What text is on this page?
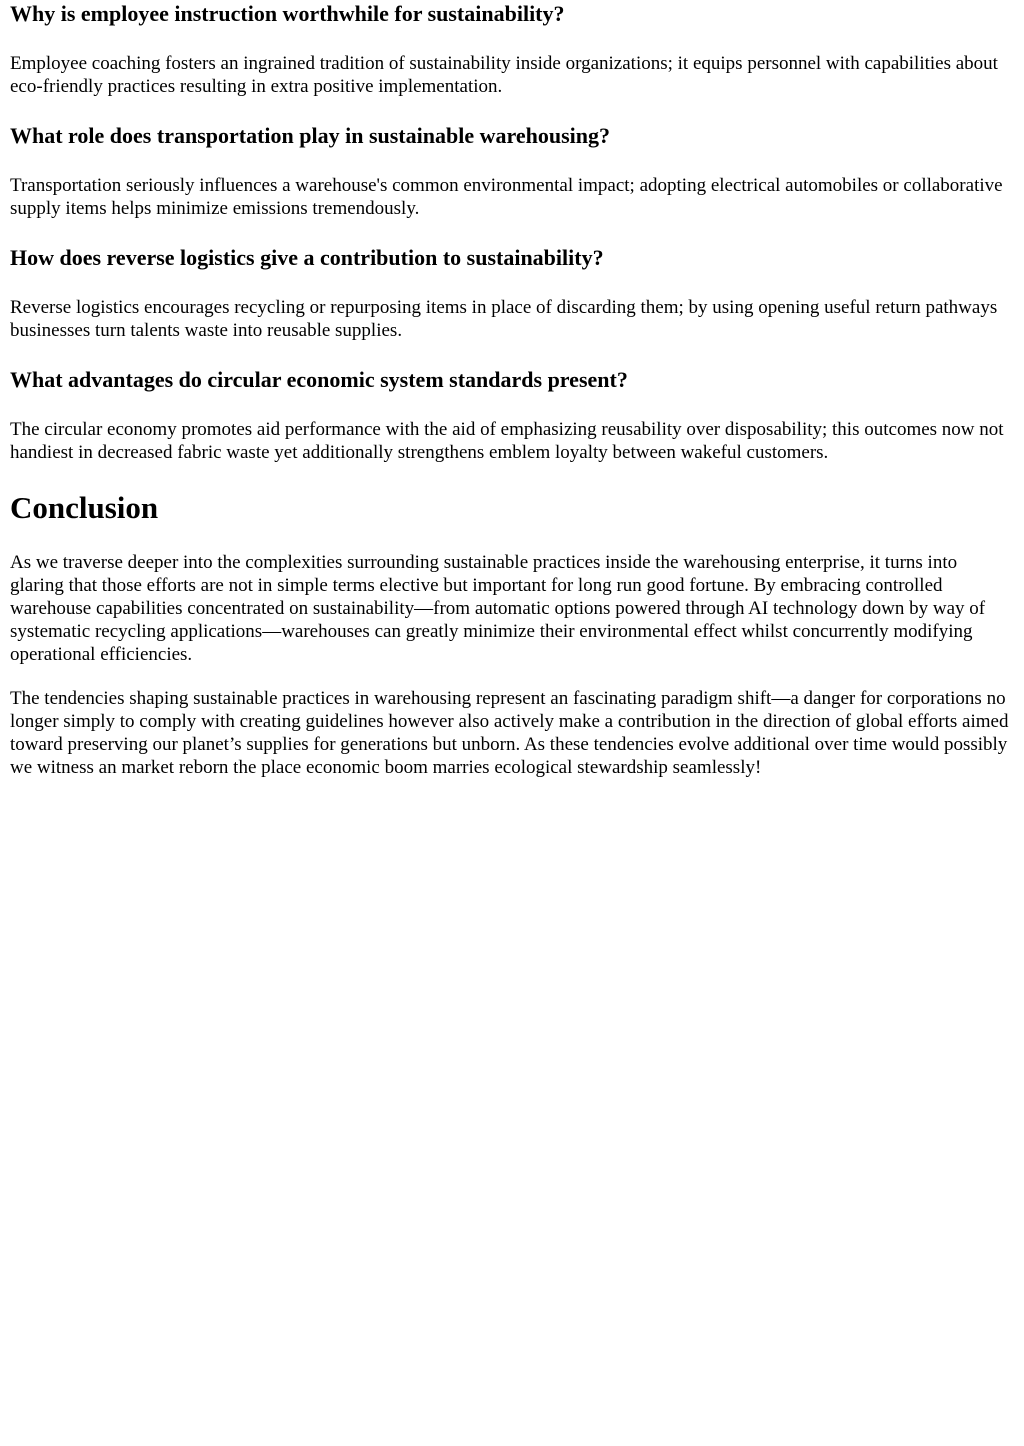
Why is employee instruction worthwhile for sustainability?

Employee coaching fosters an ingrained tradition of sustainability inside organizations; it equips personnel with capabilities about eco-friendly practices resulting in extra positive implementation.

What role does transportation play in sustainable warehousing?

Transportation seriously influences a warehouse's common environmental impact; adopting electrical automobiles or collaborative supply items helps minimize emissions tremendously.

How does reverse logistics give a contribution to sustainability?

Reverse logistics encourages recycling or repurposing items in place of discarding them; by using opening useful return pathways businesses turn talents waste into reusable supplies.

What advantages do circular economic system standards present?

The circular economy promotes aid performance with the aid of emphasizing reusability over disposability; this outcomes now not handiest in decreased fabric waste yet additionally strengthens emblem loyalty between wakeful customers.

Conclusion

As we traverse deeper into the complexities surrounding sustainable practices inside the warehousing enterprise, it turns into glaring that those efforts are not in simple terms elective but important for long run good fortune. By embracing controlled warehouse capabilities concentrated on sustainability—from automatic options powered through AI technology down by way of systematic recycling applications—warehouses can greatly minimize their environmental effect whilst concurrently modifying operational efficiencies.

The tendencies shaping sustainable practices in warehousing represent an fascinating paradigm shift—a danger for corporations no longer simply to comply with creating guidelines however also actively make a contribution in the direction of global efforts aimed toward preserving our planet’s supplies for generations but unborn. As these tendencies evolve additional over time would possibly we witness an market reborn the place economic boom marries ecological stewardship seamlessly!
